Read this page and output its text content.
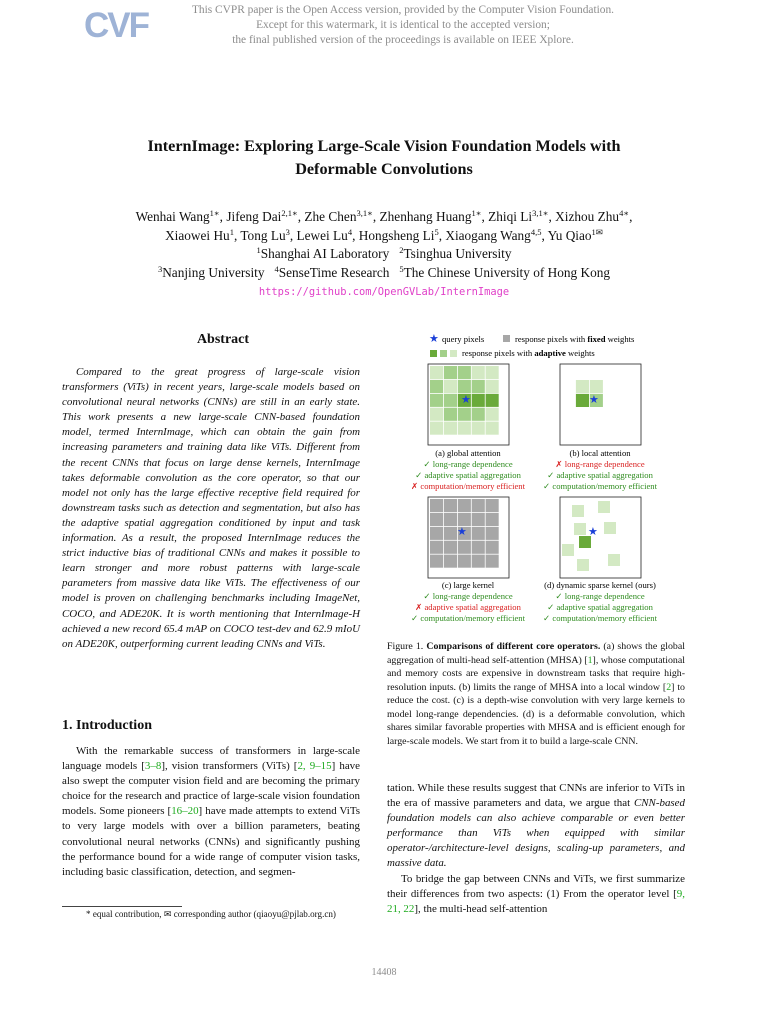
CVF	This CVPR paper is the Open Access version, provided by the Computer Vision Foundation.
Except for this watermark, it is identical to the accepted version;
the final published version of the proceedings is available on IEEE Xplore.
InternImage: Exploring Large-Scale Vision Foundation Models with
Deformable Convolutions
Wenhai Wang$^{1∗}$, Jifeng Dai$^{2,1∗}$, Zhe Chen$^{3,1∗}$, Zhenhang Huang$^{1∗}$, Zhiqi $Li^{3,1∗}$, Xizhou Zhu$^{4∗}$,
Xiaowei Hu$^1$, Tong Lu$^3$, Lewei Lu$^4$, Hongsheng Li$^5$, Xiaogang Wang$^{4,5}$, Yu Qiao$^{1✉}$
$^1$Shanghai AI Laboratory   $^2$Tsinghua University
$^3$Nanjing University   $^4$SenseTime Research   $^5$The Chinese University of Hong Kong
https://github.com/OpenGVLab/InternImage
Abstract
Compared to the great progress of large-scale vision transformers (ViTs) in recent years, large-scale models based on convolutional neural networks (CNNs) are still in an early state. This work presents a new large-scale CNN-based foundation model, termed InternImage, which can obtain the gain from increasing parameters and training data like ViTs. Different from the recent CNNs that focus on large dense kernels, InternImage takes deformable convolution as the core operator, so that our model not only has the large effective receptive field required for downstream tasks such as detection and segmentation, but also has the adaptive spatial aggregation conditioned by input and task information. As a result, the proposed InternImage reduces the strict inductive bias of traditional CNNs and makes it possible to learn stronger and more robust patterns with large-scale parameters from massive data like ViTs. The effectiveness of our model is proven on challenging benchmarks including ImageNet, COCO, and ADE20K. It is worth mentioning that InternImage-H achieved a new record 65.4 mAP on COCO test-dev and 62.9 mIoU on ADE20K, outperforming current leading CNNs and ViTs.
1. Introduction
With the remarkable success of transformers in large-scale language models [3–8], vision transformers (ViTs) [2, 9–15] have also swept the computer vision field and are becoming the primary choice for the research and practice of large-scale vision foundation models. Some pioneers [16–20] have made attempts to extend ViTs to very large models with over a billion parameters, beating convolutional neural networks (CNNs) and significantly pushing the performance bound for a wide range of computer vision tasks, including basic classification, detection, and segmen-
* equal contribution, ✉ corresponding author (qiaoyu@pjlab.org.cn)
★ query pixels	response pixels with fixed weights
response pixels with adaptive weights
★	★
★	★
(a) global attention
✓ long-range dependence
✓ adaptive spatial aggregation
✗ computation/memory efficient
(b) local attention
✗ long-range dependence
✓ adaptive spatial aggregation
✓ computation/memory efficient
(c) large kernel
✓ long-range dependence
✗ adaptive spatial aggregation
✓ computation/memory efficient
(d) dynamic sparse kernel (ours)
✓ long-range dependence
✓ adaptive spatial aggregation
✓ computation/memory efficient
Figure 1. Comparisons of different core operators. (a) shows the global aggregation of multi-head self-attention (MHSA) [1], whose computational and memory costs are expensive in downstream tasks that require high-resolution inputs. (b) limits the range of MHSA into a local window [2] to reduce the cost. (c) is a depth-wise convolution with very large kernels to model long-range dependencies. (d) is a deformable convolution, which shares similar favorable properties with MHSA and is efficient enough for large-scale models. We start from it to build a large-scale CNN.

tation. While these results suggest that CNNs are inferior to ViTs in the era of massive parameters and data, we argue that CNN-based foundation models can also achieve comparable or even better performance than ViTs when equipped with similar operator-/architecture-level designs, scaling-up parameters, and massive data.

To bridge the gap between CNNs and ViTs, we first summarize their differences from two aspects: (1) From the operator level [9, 21, 22], the multi-head self-attention

14408
